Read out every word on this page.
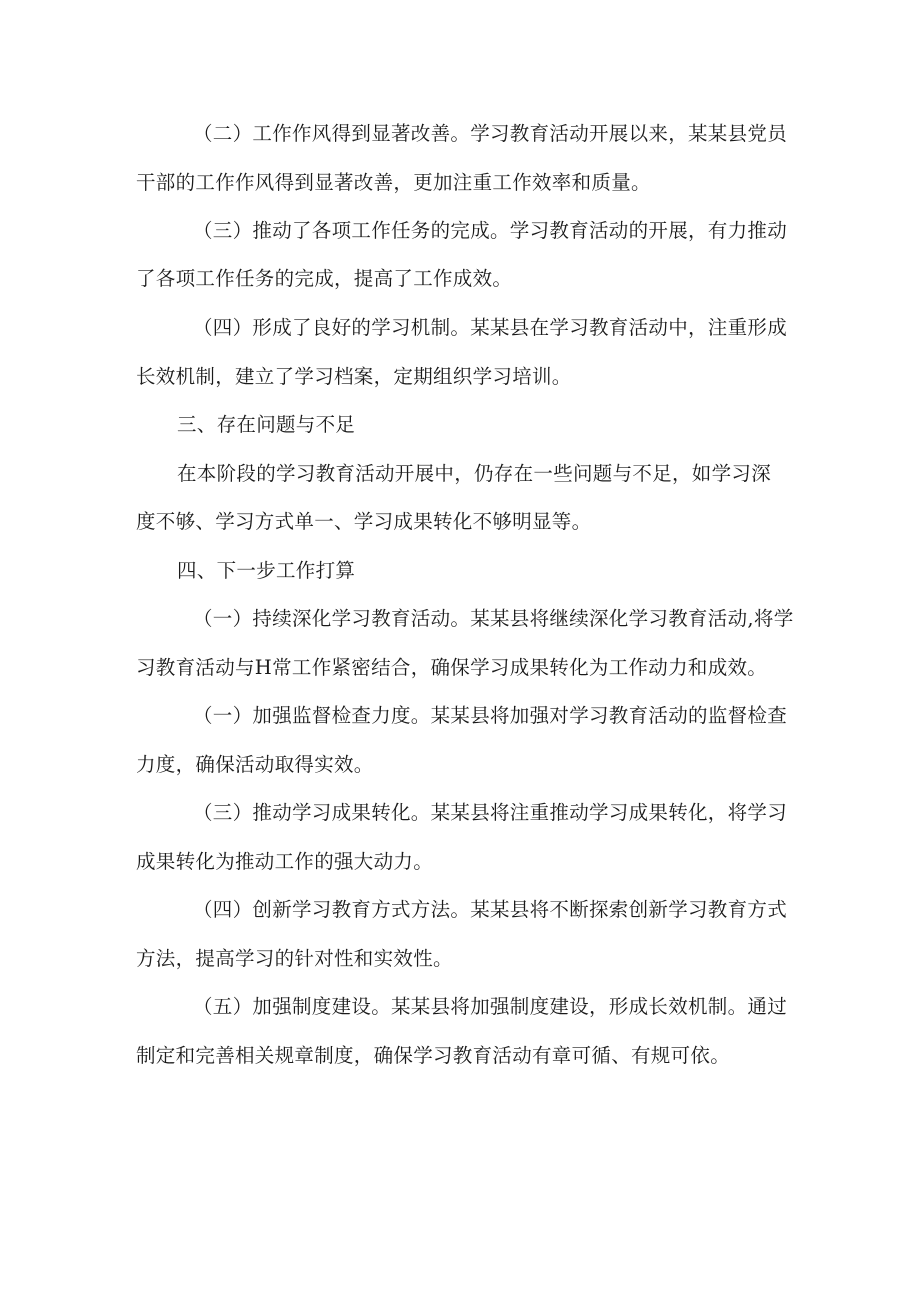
（二）工作作风得到显著改善。学习教育活动开展以来，某某县党员
干部的工作作风得到显著改善，更加注重工作效率和质量。
（三）推动了各项工作任务的完成。学习教育活动的开展，有力推动
了各项工作任务的完成，提高了工作成效。
（四）形成了良好的学习机制。某某县在学习教育活动中，注重形成
长效机制，建立了学习档案，定期组织学习培训。
三、存在问题与不足
在本阶段的学习教育活动开展中，仍存在一些问题与不足，如学习深
度不够、学习方式单一、学习成果转化不够明显等。
四、下一步工作打算
（一）持续深化学习教育活动。某某县将继续深化学习教育活动,将学
习教育活动与H常工作紧密结合，确保学习成果转化为工作动力和成效。
（一）加强监督检查力度。某某县将加强对学习教育活动的监督检查
力度，确保活动取得实效。
（三）推动学习成果转化。某某县将注重推动学习成果转化，将学习
成果转化为推动工作的强大动力。
（四）创新学习教育方式方法。某某县将不断探索创新学习教育方式
方法，提高学习的针对性和实效性。
（五）加强制度建设。某某县将加强制度建设，形成长效机制。通过
制定和完善相关规章制度，确保学习教育活动有章可循、有规可依。
